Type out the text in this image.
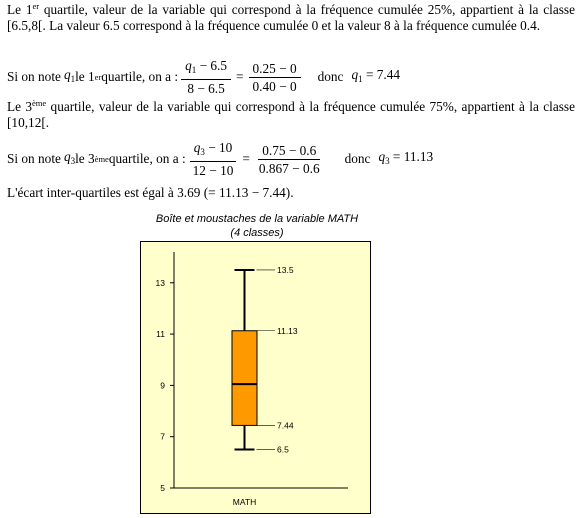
Le 1er quartile, valeur de la variable qui correspond à la fréquence cumulée 25%, appartient à la classe [6.5,8[. La valeur 6.5 correspond à la fréquence cumulée 0 et la valeur 8 à la fréquence cumulée 0.4.
Si on note $q_1$ le 1 er quartile, on a : $\frac{q_1 - 6.5}{8 - 6.5} = \frac{0.25 - 0}{0.40 - 0}$ donc $q_1 = 7.44$
Le 3ème quartile, valeur de la variable qui correspond à la fréquence cumulée 75%, appartient à la classe [10,12[.
Si on note $q_3$ le 3 ème quartile, on a : $\frac{q_3 - 10}{12 - 10} = \frac{0.75 - 0.6}{0.867 - 0.6}$ donc $q_3 = 11.13$
L'écart inter-quartiles est égal à 3.69 (= 11.13 − 7.44).
Boîte et moustaches de la variable MATH
(4 classes)
13
11
9
7
5
13.5
11.13
7.44
6.5
MATH
